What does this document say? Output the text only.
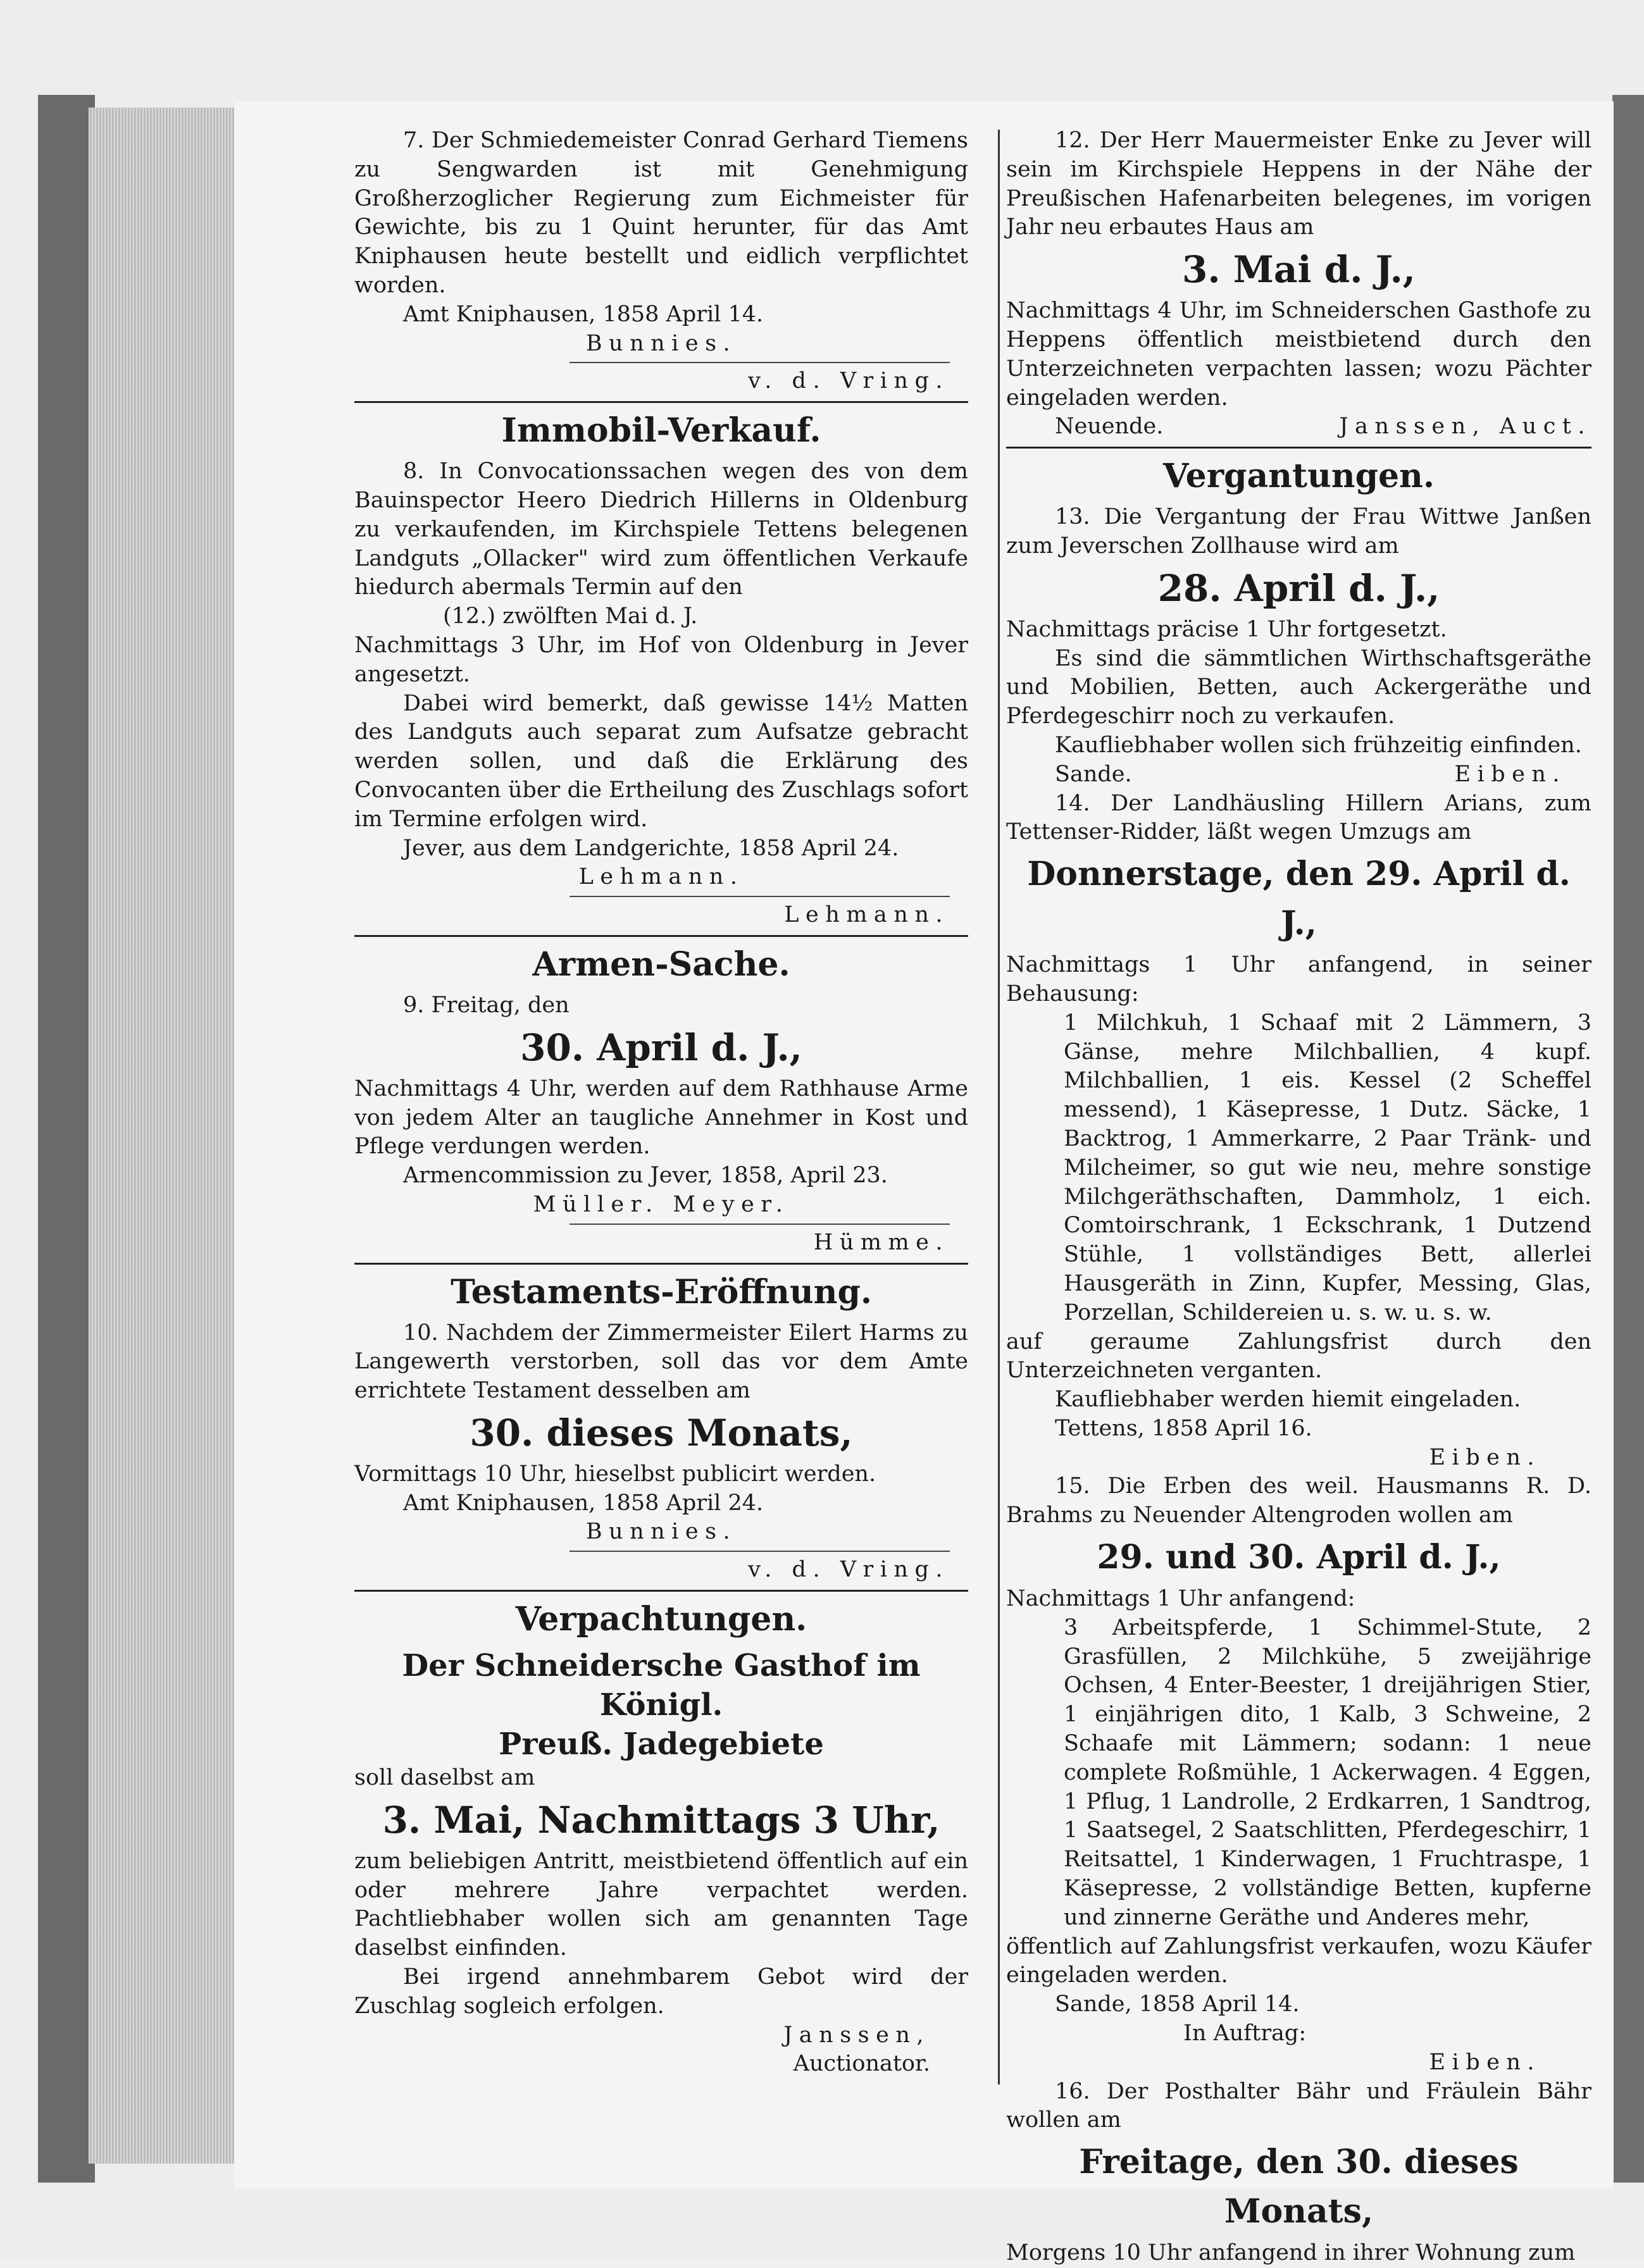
7. Der Schmiedemeister Conrad Gerhard Tiemens zu Sengwarden ist mit Genehmigung Großherzoglicher Regierung zum Eichmeister für Gewichte, bis zu 1 Quint herunter, für das Amt Kniphausen heute bestellt und eidlich verpflichtet worden.

Amt Kniphausen, 1858 April 14.

Bunnies.

v. d. Vring.

Immobil-Verkauf.

8. In Convocationssachen wegen des von dem Bauinspector Heero Diedrich Hillerns in Oldenburg zu verkaufenden, im Kirchspiele Tettens belegenen Landguts „Ollacker" wird zum öffentlichen Verkaufe hiedurch abermals Termin auf den

(12.) zwölften Mai d. J.

Nachmittags 3 Uhr, im Hof von Oldenburg in Jever angesetzt.

Dabei wird bemerkt, daß gewisse 14½ Matten des Landguts auch separat zum Aufsatze gebracht werden sollen, und daß die Erklärung des Convocanten über die Ertheilung des Zuschlags sofort im Termine erfolgen wird.

Jever, aus dem Landgerichte, 1858 April 24.

Lehmann.

Lehmann.

Armen-Sache.

9. Freitag, den

30. April d. J.,

Nachmittags 4 Uhr, werden auf dem Rathhause Arme von jedem Alter an taugliche Annehmer in Kost und Pflege verdungen werden.

Armencommission zu Jever, 1858, April 23.

Müller. Meyer.

Hümme.

Testaments-Eröffnung.

10. Nachdem der Zimmermeister Eilert Harms zu Langewerth verstorben, soll das vor dem Amte errichtete Testament desselben am

30. dieses Monats,

Vormittags 10 Uhr, hieselbst publicirt werden.

Amt Kniphausen, 1858 April 24.

Bunnies.

v. d. Vring.

Verpachtungen.

Der Schneidersche Gasthof im Königl.

Preuß. Jadegebiete

soll daselbst am

3. Mai, Nachmittags 3 Uhr,

zum beliebigen Antritt, meistbietend öffentlich auf ein oder mehrere Jahre verpachtet werden. Pachtliebhaber wollen sich am genannten Tage daselbst einfinden.

Bei irgend annehmbarem Gebot wird der Zuschlag sogleich erfolgen.

Janssen,

Auctionator.

12. Der Herr Mauermeister Enke zu Jever will sein im Kirchspiele Heppens in der Nähe der Preußischen Hafenarbeiten belegenes, im vorigen Jahr neu erbautes Haus am

3. Mai d. J.,

Nachmittags 4 Uhr, im Schneiderschen Gasthofe zu Heppens öffentlich meistbietend durch den Unterzeichneten verpachten lassen; wozu Pächter eingeladen werden.

Neuende.	Janssen, Auct.

Vergantungen.

13. Die Vergantung der Frau Wittwe Janßen zum Jeverschen Zollhause wird am

28. April d. J.,

Nachmittags präcise 1 Uhr fortgesetzt.

Es sind die sämmtlichen Wirthschaftsgeräthe und Mobilien, Betten, auch Ackergeräthe und Pferdegeschirr noch zu verkaufen.

Kaufliebhaber wollen sich frühzeitig einfinden.

Sande.	Eiben.

14. Der Landhäusling Hillern Arians, zum Tettenser-Ridder, läßt wegen Umzugs am

Donnerstage, den 29. April d. J.,

Nachmittags 1 Uhr anfangend, in seiner Behausung:

1 Milchkuh, 1 Schaaf mit 2 Lämmern, 3 Gänse, mehre Milchballien, 4 kupf. Milchballien, 1 eis. Kessel (2 Scheffel messend), 1 Käsepresse, 1 Dutz. Säcke, 1 Backtrog, 1 Ammerkarre, 2 Paar Tränk- und Milcheimer, so gut wie neu, mehre sonstige Milchgeräthschaften, Dammholz, 1 eich. Comtoirschrank, 1 Eckschrank, 1 Dutzend Stühle, 1 vollständiges Bett, allerlei Hausgeräth in Zinn, Kupfer, Messing, Glas, Porzellan, Schildereien u. s. w. u. s. w.

auf geraume Zahlungsfrist durch den Unterzeichneten verganten.

Kaufliebhaber werden hiemit eingeladen.

Tettens, 1858 April 16.

Eiben.

15. Die Erben des weil. Hausmanns R. D. Brahms zu Neuender Altengroden wollen am

29. und 30. April d. J.,

Nachmittags 1 Uhr anfangend:

3 Arbeitspferde, 1 Schimmel-Stute, 2 Grasfüllen, 2 Milchkühe, 5 zweijährige Ochsen, 4 Enter-Beester, 1 dreijährigen Stier, 1 einjährigen dito, 1 Kalb, 3 Schweine, 2 Schaafe mit Lämmern; sodann: 1 neue complete Roßmühle, 1 Ackerwagen. 4 Eggen, 1 Pflug, 1 Landrolle, 2 Erdkarren, 1 Sandtrog, 1 Saatsegel, 2 Saatschlitten, Pferdegeschirr, 1 Reitsattel, 1 Kinderwagen, 1 Fruchtraspe, 1 Käsepresse, 2 vollständige Betten, kupferne und zinnerne Geräthe und Anderes mehr,

öffentlich auf Zahlungsfrist verkaufen, wozu Käufer eingeladen werden.

Sande, 1858 April 14.

In Auftrag:

Eiben.

16. Der Posthalter Bähr und Fräulein Bähr wollen am

Freitage, den 30. dieses Monats,

Morgens 10 Uhr anfangend in ihrer Wohnung zum
